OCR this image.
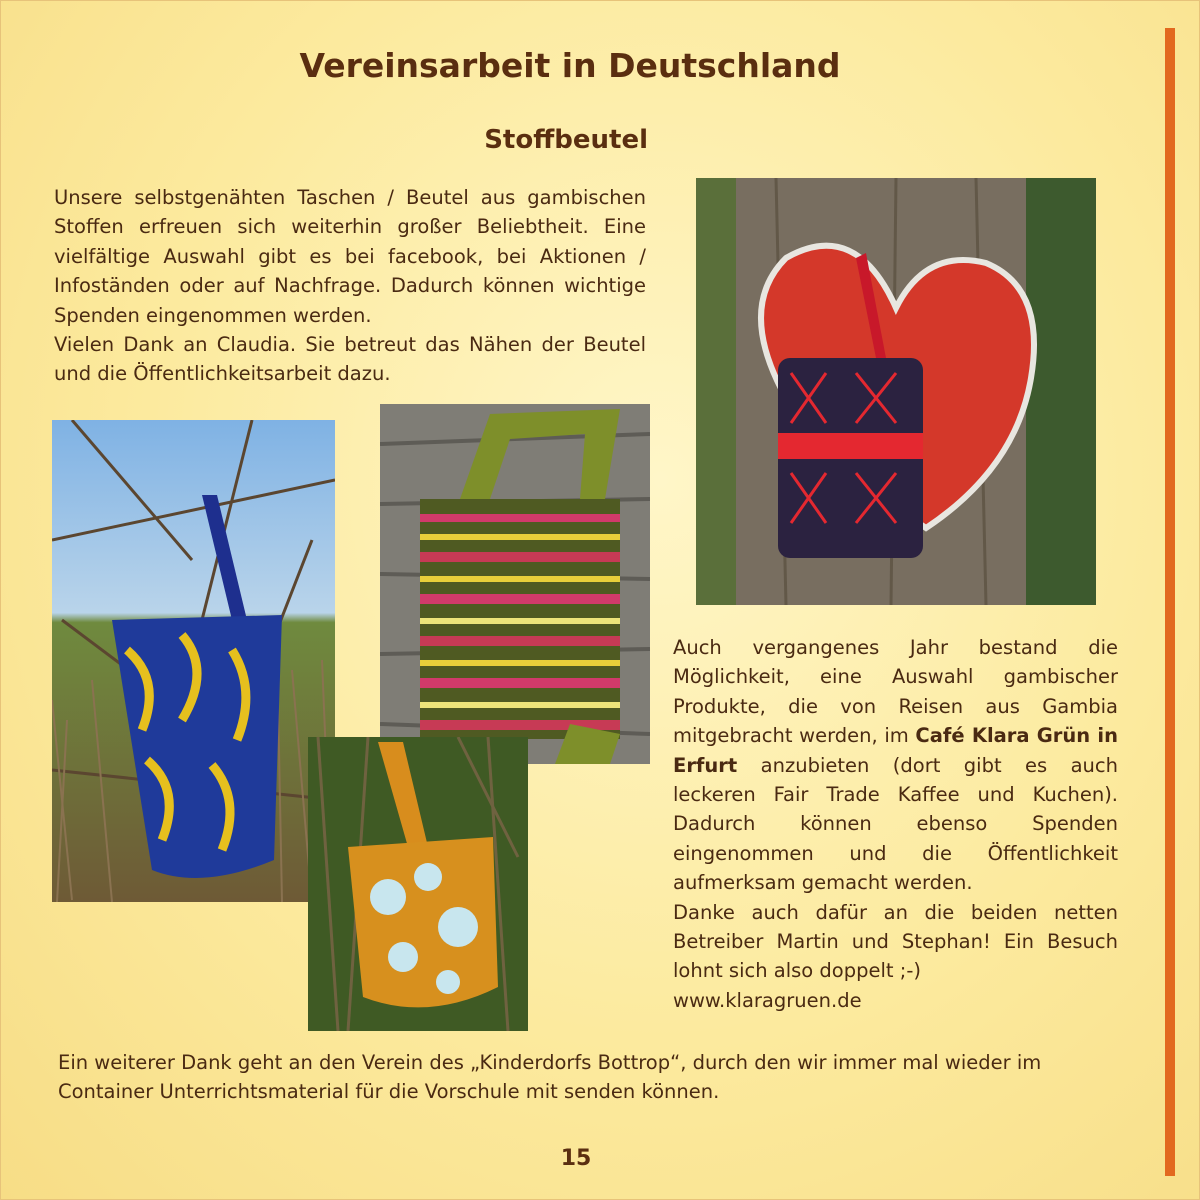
Vereinsarbeit in Deutschland
Stoffbeutel

Unsere selbstgenähten Taschen / Beutel aus gambischen Stoffen erfreuen sich weiterhin großer Beliebtheit. Eine vielfältige Auswahl gibt es bei facebook, bei Aktionen / Infoständen oder auf Nachfrage. Dadurch können wichtige Spenden eingenommen werden.

Vielen Dank an Claudia. Sie betreut das Nähen der Beutel und die Öffentlichkeitsarbeit dazu.

Auch vergangenes Jahr bestand die Möglichkeit, eine Auswahl gambischer Produkte, die von Reisen aus Gambia mitgebracht werden, im Café Klara Grün in Erfurt anzubieten (dort gibt es auch leckeren Fair Trade Kaffee und Kuchen). Dadurch können ebenso Spenden eingenommen und die Öffentlichkeit aufmerksam gemacht werden.

Danke auch dafür an die beiden netten Betreiber Martin und Stephan! Ein Besuch lohnt sich also doppelt ;-)

www.klaragruen.de

Ein weiterer Dank geht an den Verein des „Kinderdorfs Bottrop“, durch den wir immer mal wieder im Container Unterrichtsmaterial für die Vorschule mit senden können.
15
